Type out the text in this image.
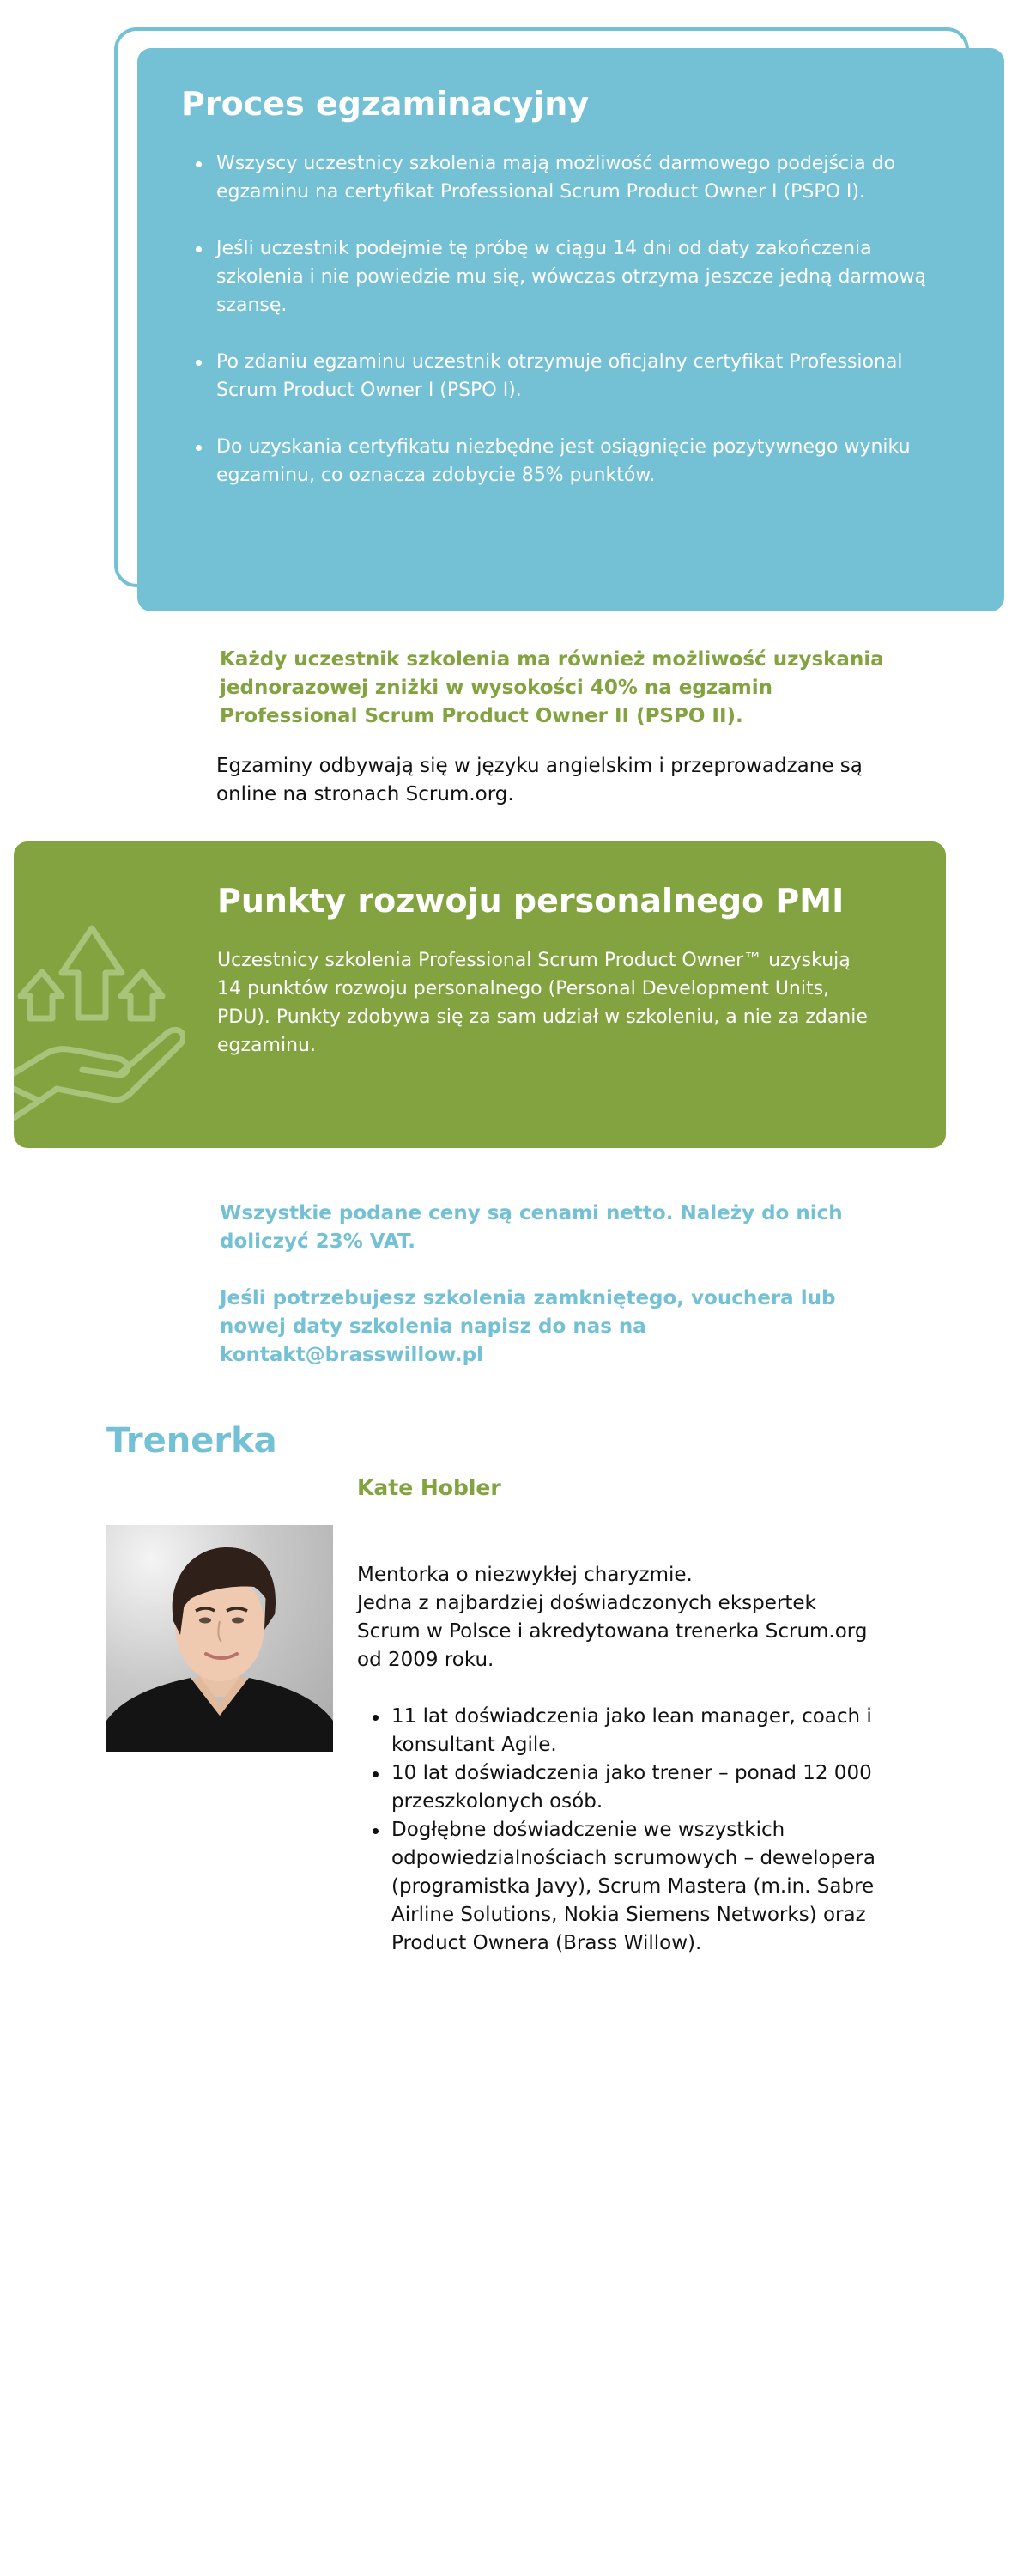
Proces egzaminacyjny
Wszyscy uczestnicy szkolenia mają możliwość darmowego podejścia do egzaminu na certyfikat Professional Scrum Product Owner I (PSPO I).
Jeśli uczestnik podejmie tę próbę w ciągu 14 dni od daty zakończenia szkolenia i nie powiedzie mu się, wówczas otrzyma jeszcze jedną darmową szansę.
Po zdaniu egzaminu uczestnik otrzymuje oficjalny certyfikat Professional Scrum Product Owner I (PSPO I).
Do uzyskania certyfikatu niezbędne jest osiągnięcie pozytywnego wyniku egzaminu, co oznacza zdobycie 85% punktów.

Każdy uczestnik szkolenia ma również możliwość uzyskania jednorazowej zniżki w wysokości 40% na egzamin Professional Scrum Product Owner II (PSPO II).

Egzaminy odbywają się w języku angielskim i przeprowadzane są online na stronach Scrum.org.

Punkty rozwoju personalnego PMI

Uczestnicy szkolenia Professional Scrum Product Owner™ uzyskują 14 punktów rozwoju personalnego (Personal Development Units, PDU). Punkty zdobywa się za sam udział w szkoleniu, a nie za zdanie egzaminu.

Wszystkie podane ceny są cenami netto. Należy do nich doliczyć 23% VAT.

Jeśli potrzebujesz szkolenia zamkniętego, vouchera lub nowej daty szkolenia napisz do nas na kontakt@brasswillow.pl

Trenerka
Kate Hobler
Mentorka o niezwykłej charyzmie.
Jedna z najbardziej doświadczonych ekspertek Scrum w Polsce i akredytowana trenerka Scrum.org od 2009 roku.
11 lat doświadczenia jako lean manager, coach i konsultant Agile.
10 lat doświadczenia jako trener – ponad 12 000 przeszkolonych osób.
Dogłębne doświadczenie we wszystkich odpowiedzialnościach scrumowych – dewelopera (programistka Javy), Scrum Mastera (m.in. Sabre Airline Solutions, Nokia Siemens Networks) oraz Product Ownera (Brass Willow).
